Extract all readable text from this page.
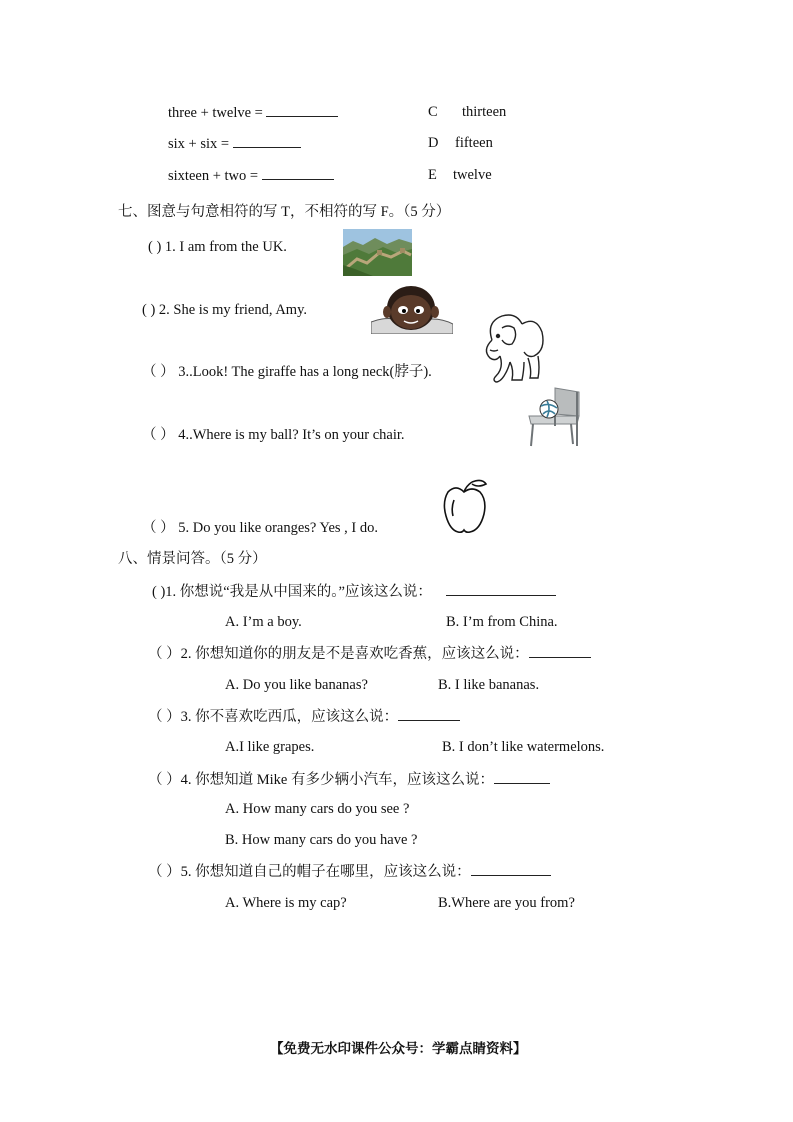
three + twelve =	C thirteen
six + six =	D fifteen
sixteen + two =	E twelve
七、图意与句意相符的写 T，不相符的写 F。（5 分）
( ) 1. I am from the UK.
( ) 2. She is my friend, Amy.
（ ） 3..Look! The giraffe has a long neck(脖子).
（ ） 4..Where is my ball? It’s on your chair.
（ ） 5. Do you like oranges? Yes , I do.
八、情景问答。（5 分）
( )1. 你想说“我是从中国来的。”应该这么说：
A. I’m a boy.	B. I’m from China.
（ ）2. 你想知道你的朋友是不是喜欢吃香蕉，应该这么说：
A. Do you like bananas?	B. I like bananas.
（ ）3. 你不喜欢吃西瓜，应该这么说：
A.I like grapes.	B. I don’t like watermelons.
（ ）4. 你想知道 Mike 有多少辆小汽车，应该这么说：
A. How many cars do you see ?
B. How many cars do you have ?
（ ）5. 你想知道自己的帽子在哪里，应该这么说：
A. Where is my cap?	B.Where are you from?
【免费无水印课件公众号：学霸点睛资料】
